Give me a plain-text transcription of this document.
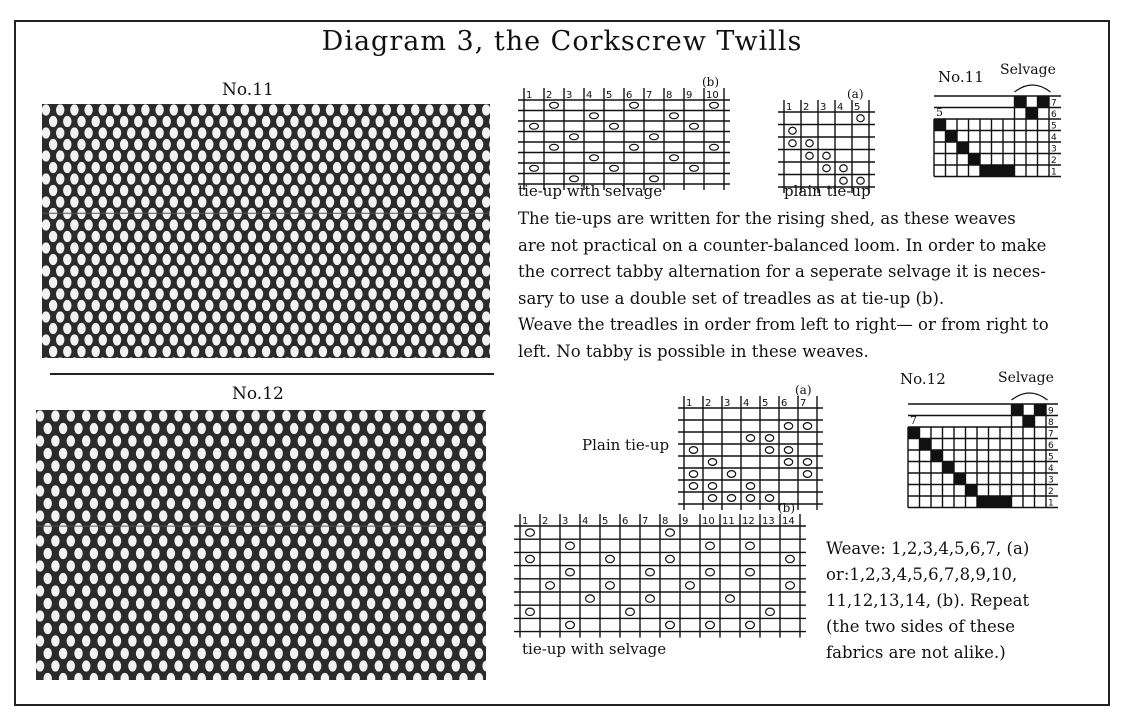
Diagram 3, the Corkscrew Twills
No.11
No.12
1 2 3 4 5 6 7 8 9 10
(b)
tie-up with selvage
1 2 3 4 5
(a)
plain tie-up
No.11 Selvage
5
7
6
5
4
3
2
1
The tie-ups are written for the rising shed, as these weaves
are not practical on a counter-balanced loom. In order to make
the correct tabby alternation for a seperate selvage it is neces-
sary to use a double set of treadles as at tie-up (b).
Weave the treadles in order from left to right— or from right to
left. No tabby is possible in these weaves.
No.12	Selvage
7
9
8
7
6
5
4
3
2
1
Plain tie-up
1 2 3 4 5 6 7
(a)
1 2 3 4 5 6 7 8 9 10 11 12 13 14
(b)
tie-up with selvage
Weave: 1,2,3,4,5,6,7, (a)
or:1,2,3,4,5,6,7,8,9,10,
11,12,13,14, (b). Repeat
(the two sides of these
fabrics are not alike.)
